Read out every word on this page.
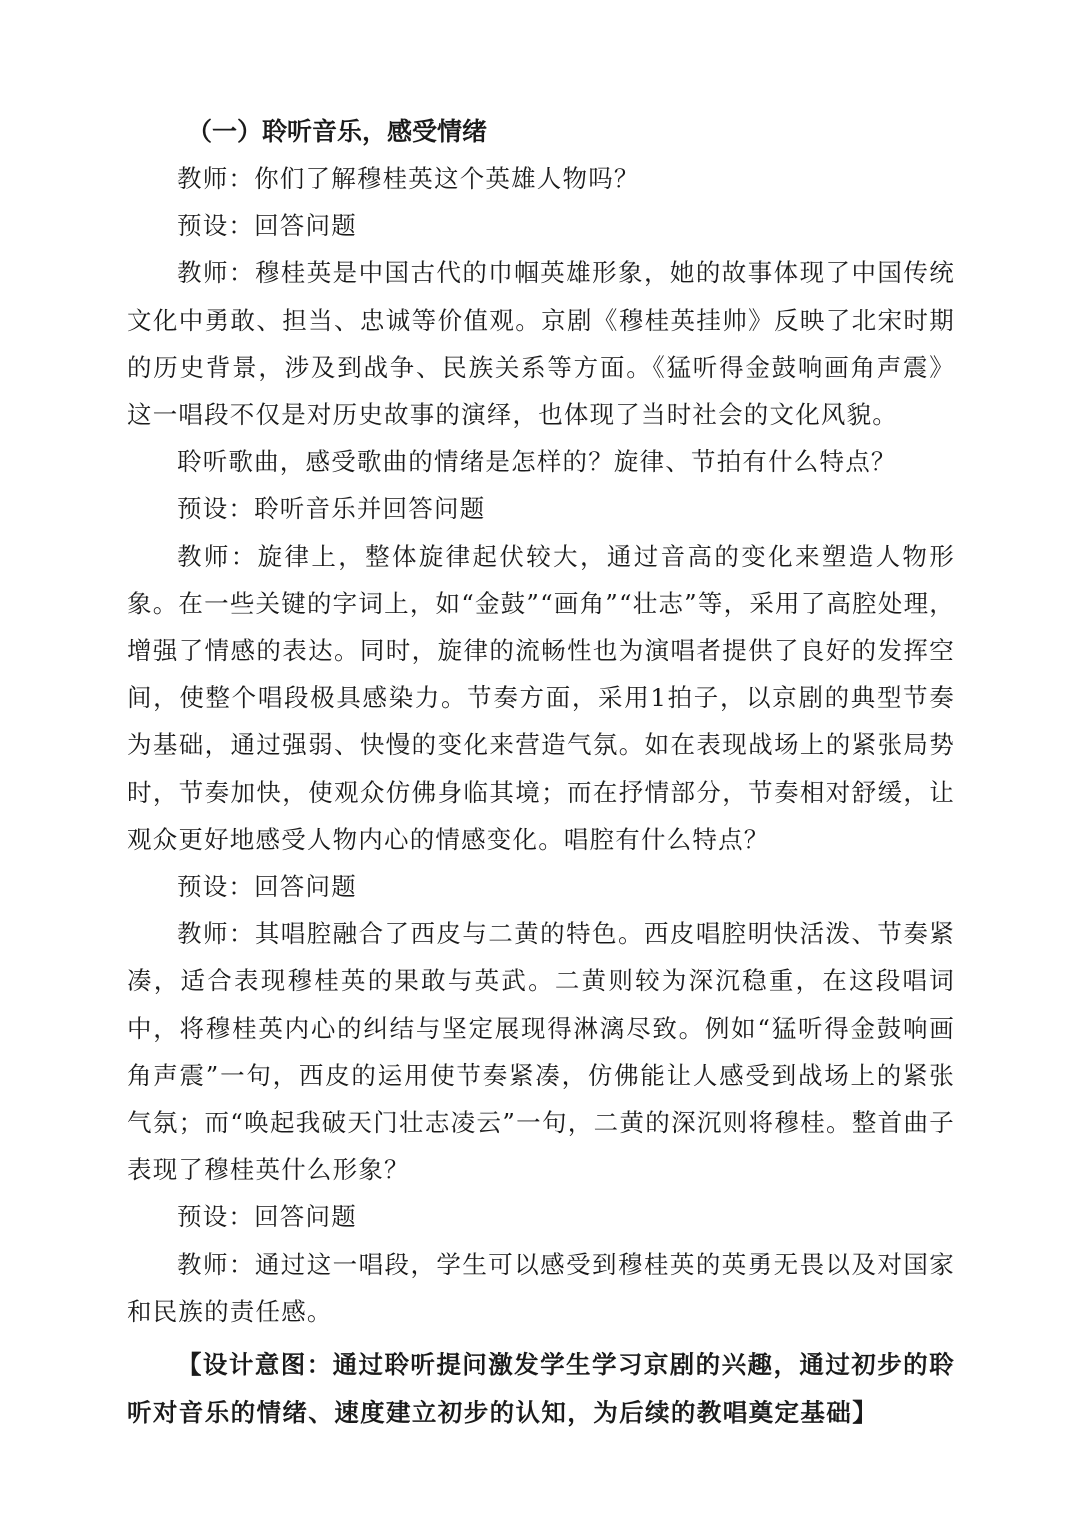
（一）聆听音乐，感受情绪

教师：你们了解穆桂英这个英雄人物吗？

预设：回答问题

教师：穆桂英是中国古代的巾帼英雄形象，她的故事体现了中国传统文化中勇敢、担当、忠诚等价值观。京剧《穆桂英挂帅》反映了北宋时期的历史背景，涉及到战争、民族关系等方面。《猛听得金鼓响画角声震》这一唱段不仅是对历史故事的演绎，也体现了当时社会的文化风貌。

聆听歌曲，感受歌曲的情绪是怎样的？旋律、节拍有什么特点？

预设：聆听音乐并回答问题

教师：旋律上，整体旋律起伏较大，通过音高的变化来塑造人物形象。在一些关键的字词上，如“金鼓”“画角”“壮志”等，采用了高腔处理，增强了情感的表达。同时，旋律的流畅性也为演唱者提供了良好的发挥空间，使整个唱段极具感染力。节奏方面，采用1拍子，以京剧的典型节奏为基础，通过强弱、快慢的变化来营造气氛。如在表现战场上的紧张局势时，节奏加快，使观众仿佛身临其境；而在抒情部分，节奏相对舒缓，让观众更好地感受人物内心的情感变化。唱腔有什么特点？

预设：回答问题

教师：其唱腔融合了西皮与二黄的特色。西皮唱腔明快活泼、节奏紧凑，适合表现穆桂英的果敢与英武。二黄则较为深沉稳重，在这段唱词中，将穆桂英内心的纠结与坚定展现得淋漓尽致。例如“猛听得金鼓响画角声震”一句，西皮的运用使节奏紧凑，仿佛能让人感受到战场上的紧张气氛；而“唤起我破天门壮志凌云”一句，二黄的深沉则将穆桂。整首曲子表现了穆桂英什么形象？

预设：回答问题

教师：通过这一唱段，学生可以感受到穆桂英的英勇无畏以及对国家和民族的责任感。

【设计意图：通过聆听提问激发学生学习京剧的兴趣，通过初步的聆听对音乐的情绪、速度建立初步的认知，为后续的教唱奠定基础】
